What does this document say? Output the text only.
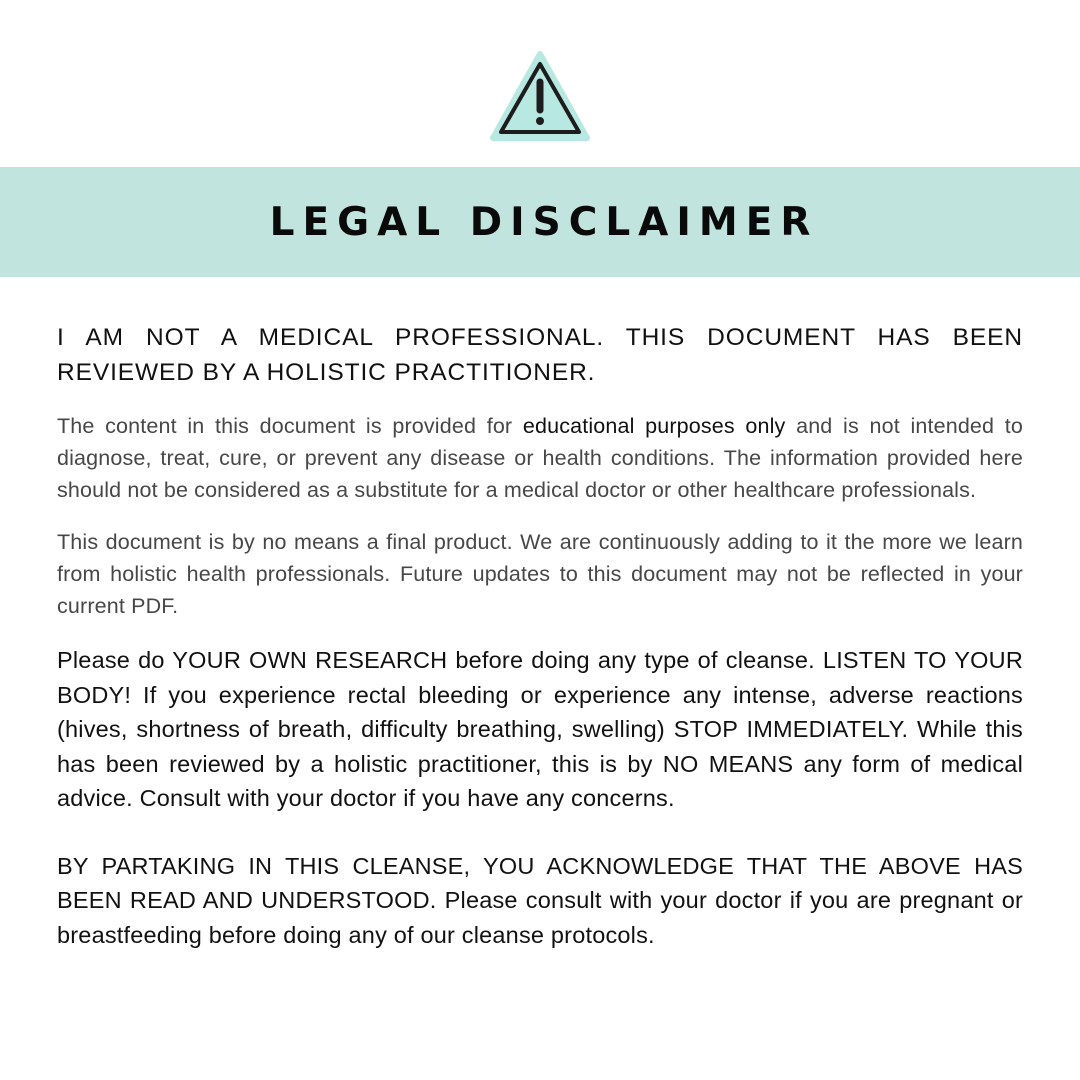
LEGAL DISCLAIMER

I AM NOT A MEDICAL PROFESSIONAL. THIS DOCUMENT HAS BEEN REVIEWED BY A HOLISTIC PRACTITIONER.

The content in this document is provided for educational purposes only and is not intended to diagnose, treat, cure, or prevent any disease or health conditions. The information provided here should not be considered as a substitute for a medical doctor or other healthcare professionals.

This document is by no means a final product. We are continuously adding to it the more we learn from holistic health professionals. Future updates to this document may not be reflected in your current PDF.

Please do YOUR OWN RESEARCH before doing any type of cleanse. LISTEN TO YOUR BODY! If you experience rectal bleeding or experience any intense, adverse reactions (hives, shortness of breath, difficulty breathing, swelling) STOP IMMEDIATELY. While this has been reviewed by a holistic practitioner, this is by NO MEANS any form of medical advice. Consult with your doctor if you have any concerns.

BY PARTAKING IN THIS CLEANSE, YOU ACKNOWLEDGE THAT THE ABOVE HAS BEEN READ AND UNDERSTOOD. Please consult with your doctor if you are pregnant or breastfeeding before doing any of our cleanse protocols.
